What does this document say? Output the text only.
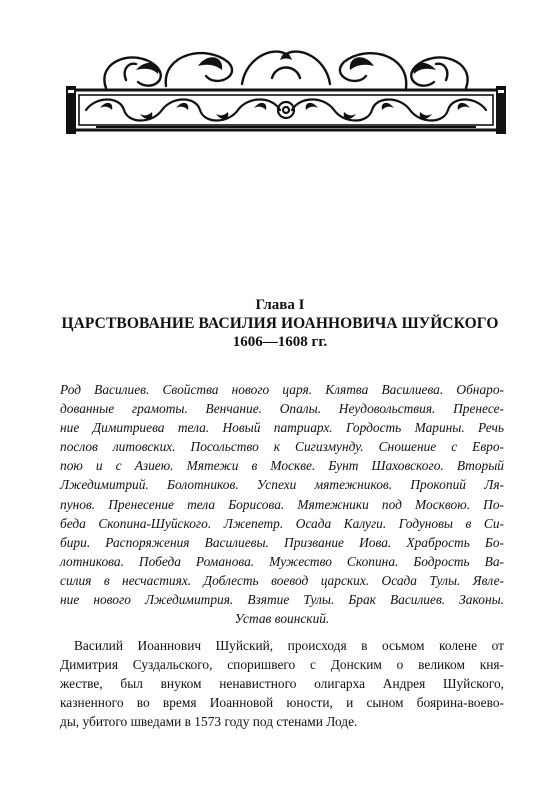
Глава I
ЦАРСТВОВАНИЕ ВАСИЛИЯ ИОАННОВИЧА ШУЙСКОГО
1606—1608 гг.
Род Василиев. Свойства нового царя. Клятва Василиева. Обнаро-
дованные грамоты. Венчание. Опалы. Неудовольствия. Пренесе-
ние Димитриева тела. Новый патриарх. Гордость Марины. Речь
послов литовских. Посольство к Сигизмунду. Сношение с Евро-
пою и с Азиею. Мятежи в Москве. Бунт Шаховского. Вторый
Лжедимитрий. Болотников. Успехи мятежников. Прокопий Ля-
пунов. Пренесение тела Борисова. Мятежники под Москвою. По-
беда Скопина-Шуйского. Лжепетр. Осада Калуги. Годуновы в Си-
бири. Распоряжения Василиевы. Призвание Иова. Храбрость Бо-
лотникова. Победа Романова. Мужество Скопина. Бодрость Ва-
силия в несчастиях. Доблесть воевод царских. Осада Тулы. Явле-
ние нового Лжедимитрия. Взятие Тулы. Брак Василиев. Законы.
Устав воинский.
Василий Иоаннович Шуйский, происходя в осьмом колене от
Димитрия Суздальского, споришвего с Донским о великом кня-
жестве, был внуком ненавистного олигарха Андрея Шуйского,
казненного во время Иоанновой юности, и сыном боярина-воево-
ды, убитого шведами в 1573 году под стенами Лоде.
